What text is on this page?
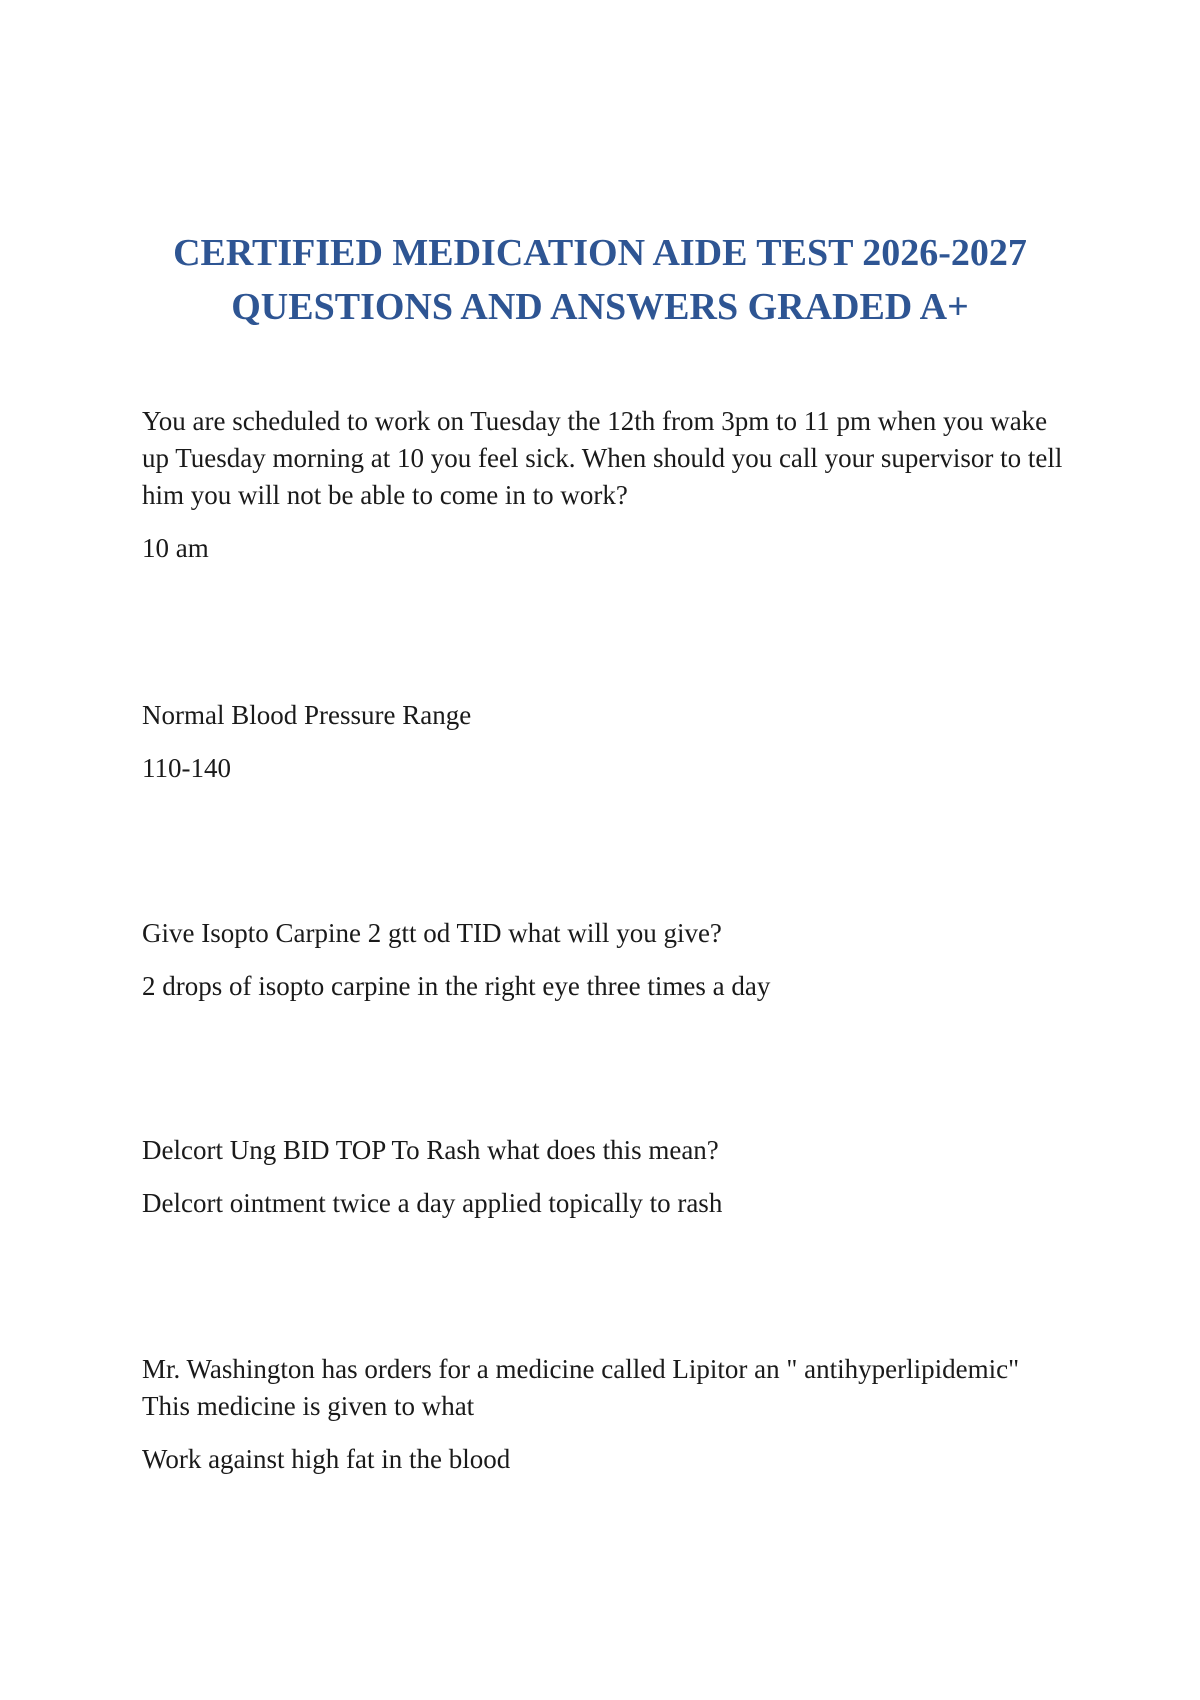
CERTIFIED MEDICATION AIDE TEST 2026-2027
QUESTIONS AND ANSWERS GRADED A+

You are scheduled to work on Tuesday the 12th from 3pm to 11 pm when you wake up Tuesday morning at 10 you feel sick. When should you call your supervisor to tell him you will not be able to come in to work?

10 am

Normal Blood Pressure Range

110-140

Give Isopto Carpine 2 gtt od TID what will you give?

2 drops of isopto carpine in the right eye three times a day

Delcort Ung BID TOP To Rash what does this mean?

Delcort ointment twice a day applied topically to rash

Mr. Washington has orders for a medicine called Lipitor an " antihyperlipidemic" This medicine is given to what

Work against high fat in the blood
